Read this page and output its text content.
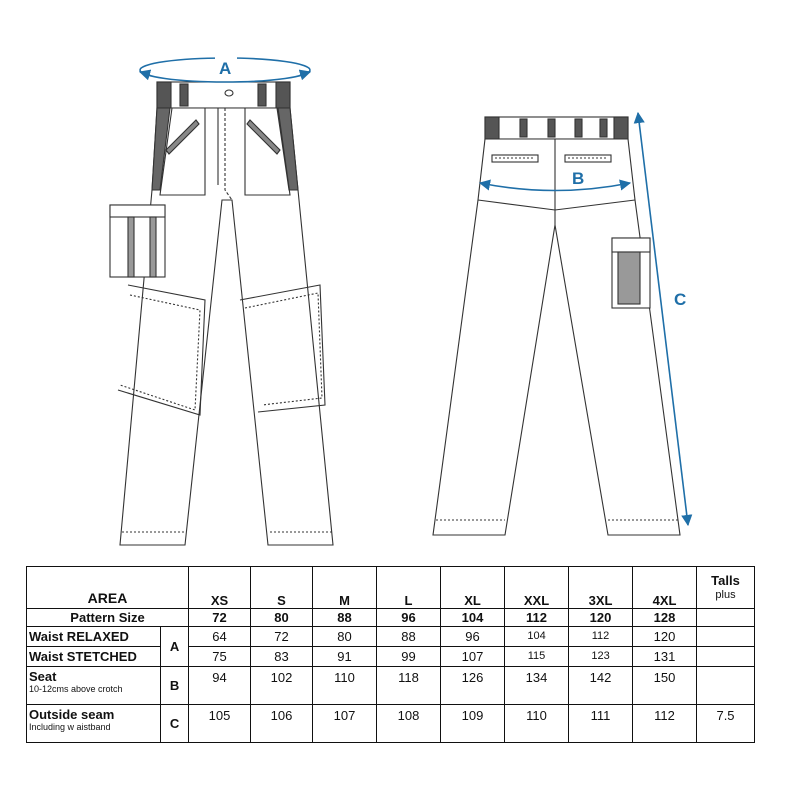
A
B
C
AREA		XS	S	M	L	XL	XXL	3XL	4XL	Talls
plus

Pattern Size		72	80	88	96	104	112	120	128	
Waist RELAXED	A	64	72	80	88	96	104	112	120	
Waist STETCHED		75	83	91	99	107	115	123	131	
Seat
10-12cms above crotch	B	94	102	110	118	126	134	142	150	
Outside seam
Including w aistband	C	105	106	107	108	109	110	111	112	7.5
